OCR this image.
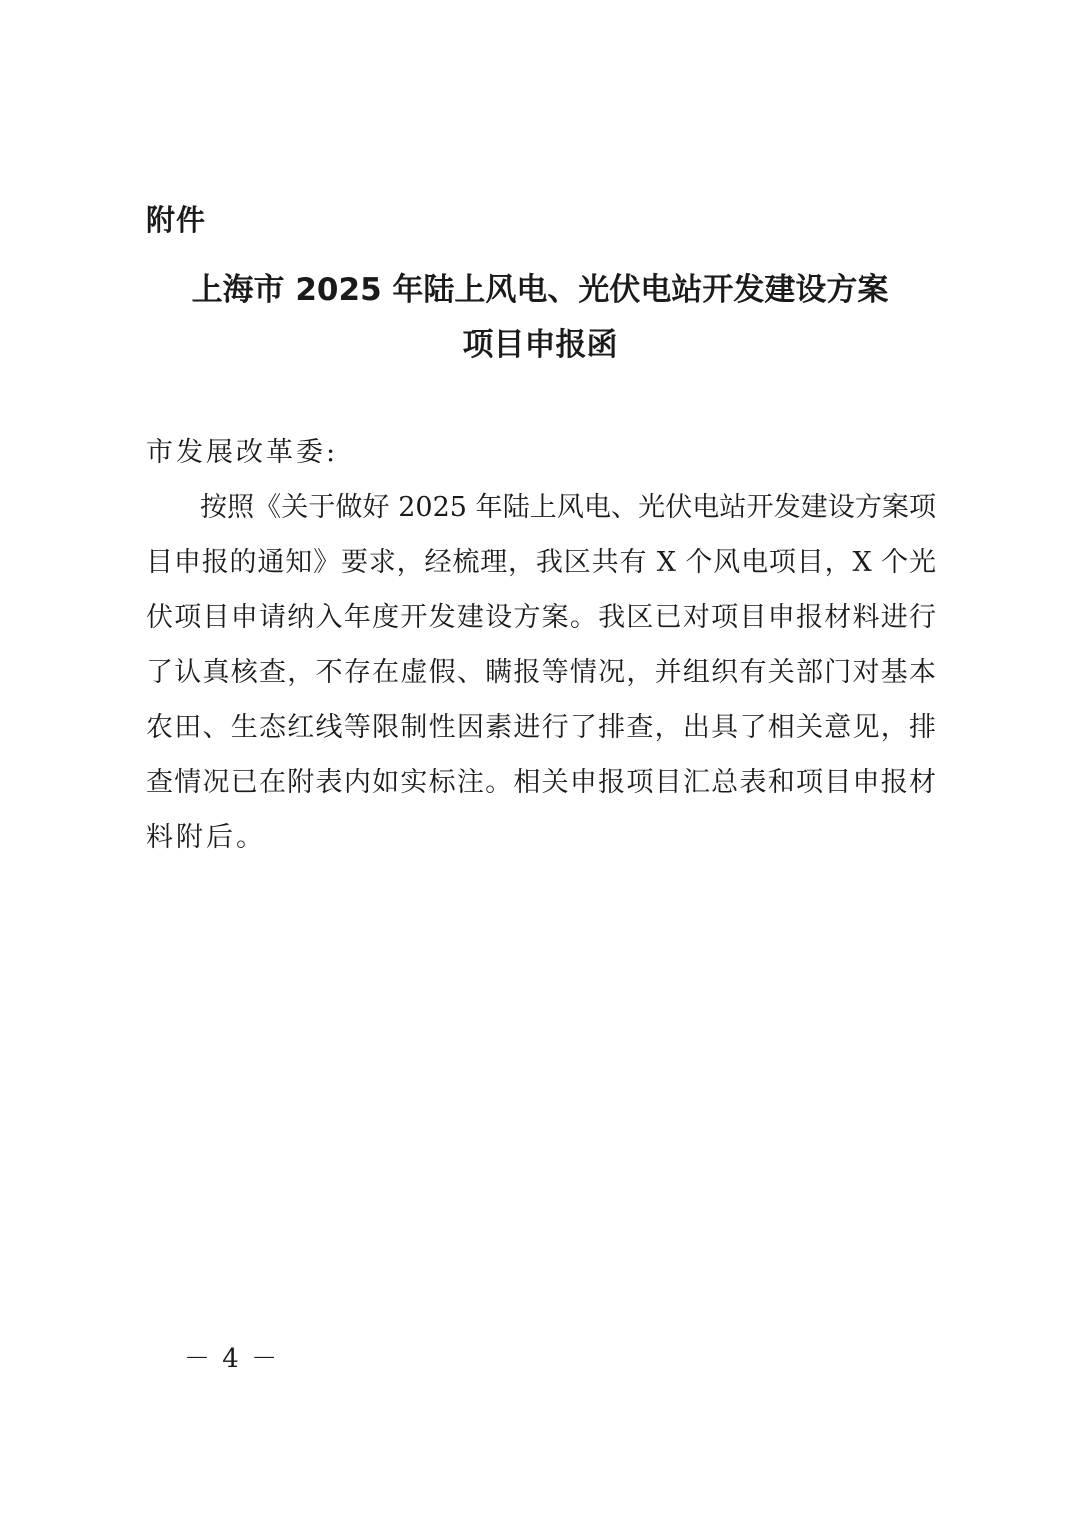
附件
上海市 2025 年陆上风电、光伏电站开发建设方案
项目申报函
市发展改革委:
按照《关于做好 2025 年陆上风电、光伏电站开发建设方案项
目申报的通知》要求，经梳理，我区共有 X 个风电项目，X 个光
伏项目申请纳入年度开发建设方案。我区已对项目申报材料进行
了认真核查，不存在虚假、瞒报等情况，并组织有关部门对基本
农田、生态红线等限制性因素进行了排查，出具了相关意见，排
查情况已在附表内如实标注。相关申报项目汇总表和项目申报材
料附后。
－ 4 －
